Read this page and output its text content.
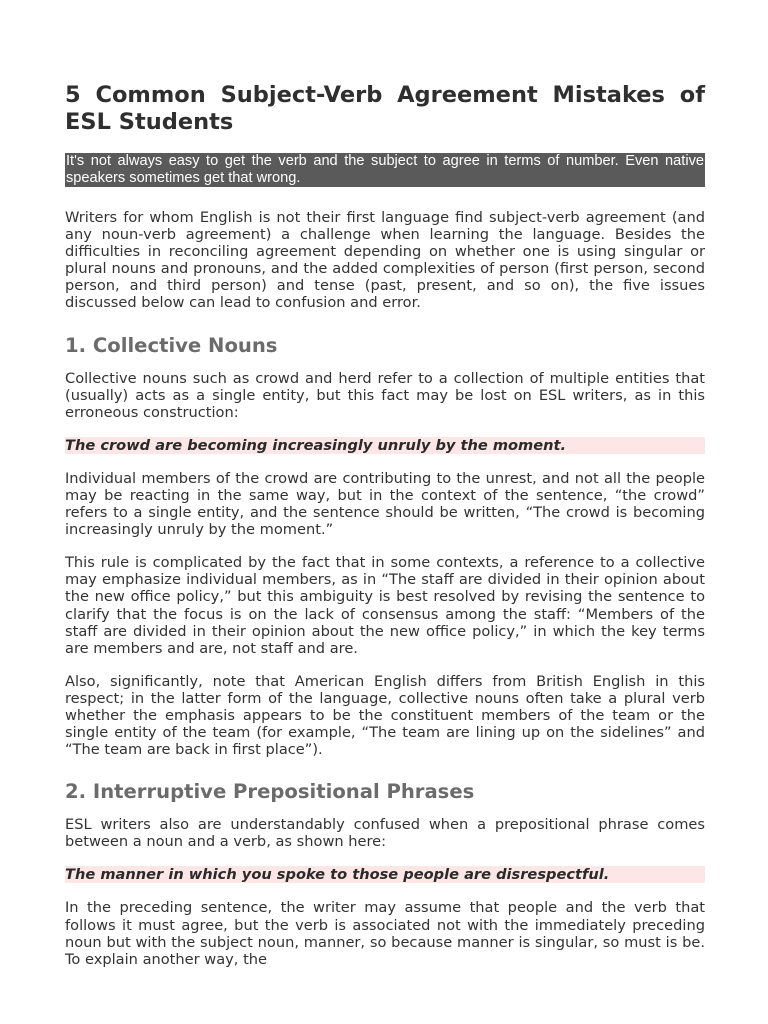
5 Common Subject-Verb Agreement Mistakes of ESL Students
It's not always easy to get the verb and the subject to agree in terms of number. Even native speakers sometimes get that wrong.

Writers for whom English is not their first language find subject-verb agreement (and any noun-verb agreement) a challenge when learning the language. Besides the difficulties in reconciling agreement depending on whether one is using singular or plural nouns and pronouns, and the added complexities of person (first person, second person, and third person) and tense (past, present, and so on), the five issues discussed below can lead to confusion and error.

1. Collective Nouns

Collective nouns such as crowd and herd refer to a collection of multiple entities that (usually) acts as a single entity, but this fact may be lost on ESL writers, as in this erroneous construction:

The crowd are becoming increasingly unruly by the moment.

Individual members of the crowd are contributing to the unrest, and not all the people may be reacting in the same way, but in the context of the sentence, “the crowd” refers to a single entity, and the sentence should be written, “The crowd is becoming increasingly unruly by the moment.”

This rule is complicated by the fact that in some contexts, a reference to a collective may emphasize individual members, as in “The staff are divided in their opinion about the new office policy,” but this ambiguity is best resolved by revising the sentence to clarify that the focus is on the lack of consensus among the staff: “Members of the staff are divided in their opinion about the new office policy,” in which the key terms are members and are, not staff and are.

Also, significantly, note that American English differs from British English in this respect; in the latter form of the language, collective nouns often take a plural verb whether the emphasis appears to be the constituent members of the team or the single entity of the team (for example, “The team are lining up on the sidelines” and “The team are back in first place”).

2. Interruptive Prepositional Phrases

ESL writers also are understandably confused when a prepositional phrase comes between a noun and a verb, as shown here:

The manner in which you spoke to those people are disrespectful.

In the preceding sentence, the writer may assume that people and the verb that follows it must agree, but the verb is associated not with the immediately preceding noun but with the subject noun, manner, so because manner is singular, so must is be. To explain another way, the
